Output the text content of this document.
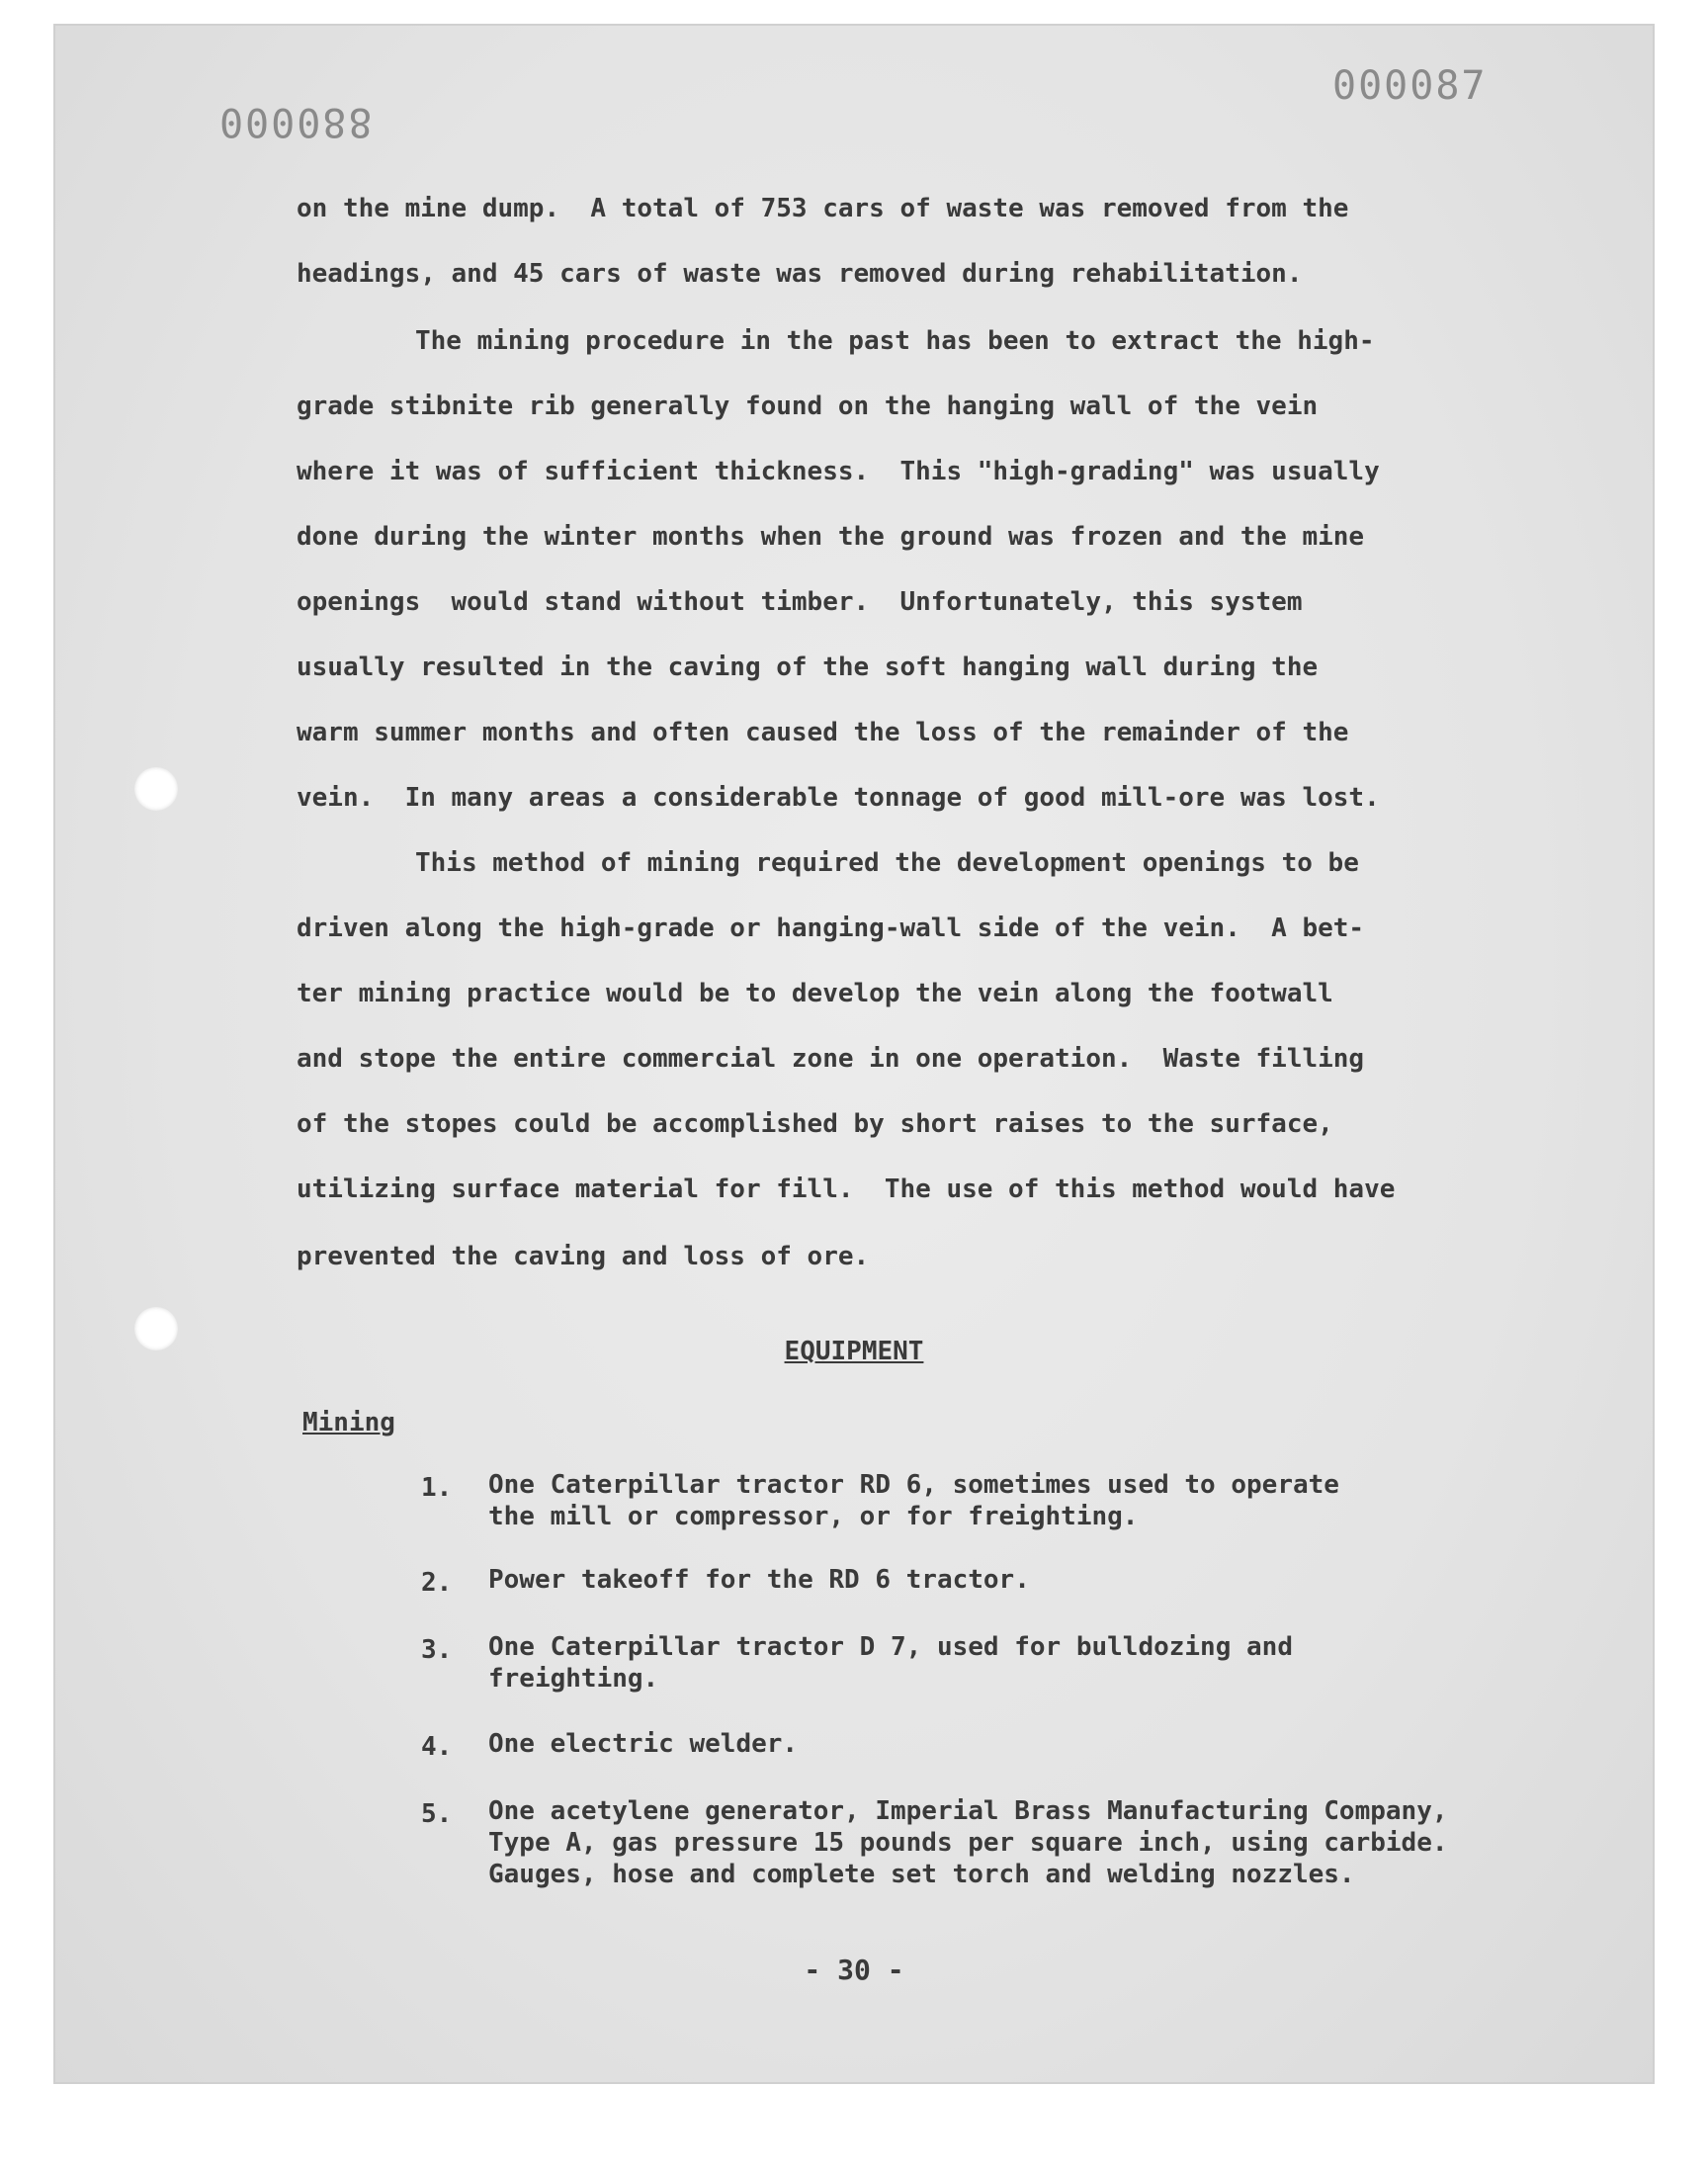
880000
000087
on the mine dump.  A total of 753 cars of waste was removed from the
headings, and 45 cars of waste was removed during rehabilitation.
The mining procedure in the past has been to extract the high-
grade stibnite rib generally found on the hanging wall of the vein
where it was of sufficient thickness.  This "high-grading" was usually
done during the winter months when the ground was frozen and the mine
openings  would stand without timber.  Unfortunately, this system
usually resulted in the caving of the soft hanging wall during the
warm summer months and often caused the loss of the remainder of the
vein.  In many areas a considerable tonnage of good mill-ore was lost.
This method of mining required the development openings to be
driven along the high-grade or hanging-wall side of the vein.  A bet-
ter mining practice would be to develop the vein along the footwall
and stope the entire commercial zone in one operation.  Waste filling
of the stopes could be accomplished by short raises to the surface,
utilizing surface material for fill.  The use of this method would have
prevented the caving and loss of ore.
EQUIPMENT
Mining
1. One Caterpillar tractor RD 6, sometimes used to operate
the mill or compressor, or for freighting.
2. Power takeoff for the RD 6 tractor.
3. One Caterpillar tractor D 7, used for bulldozing and
freighting.
4. One electric welder.
5. One acetylene generator, Imperial Brass Manufacturing Company,
Type A, gas pressure 15 pounds per square inch, using carbide.
Gauges, hose and complete set torch and welding nozzles.
- 30 -
